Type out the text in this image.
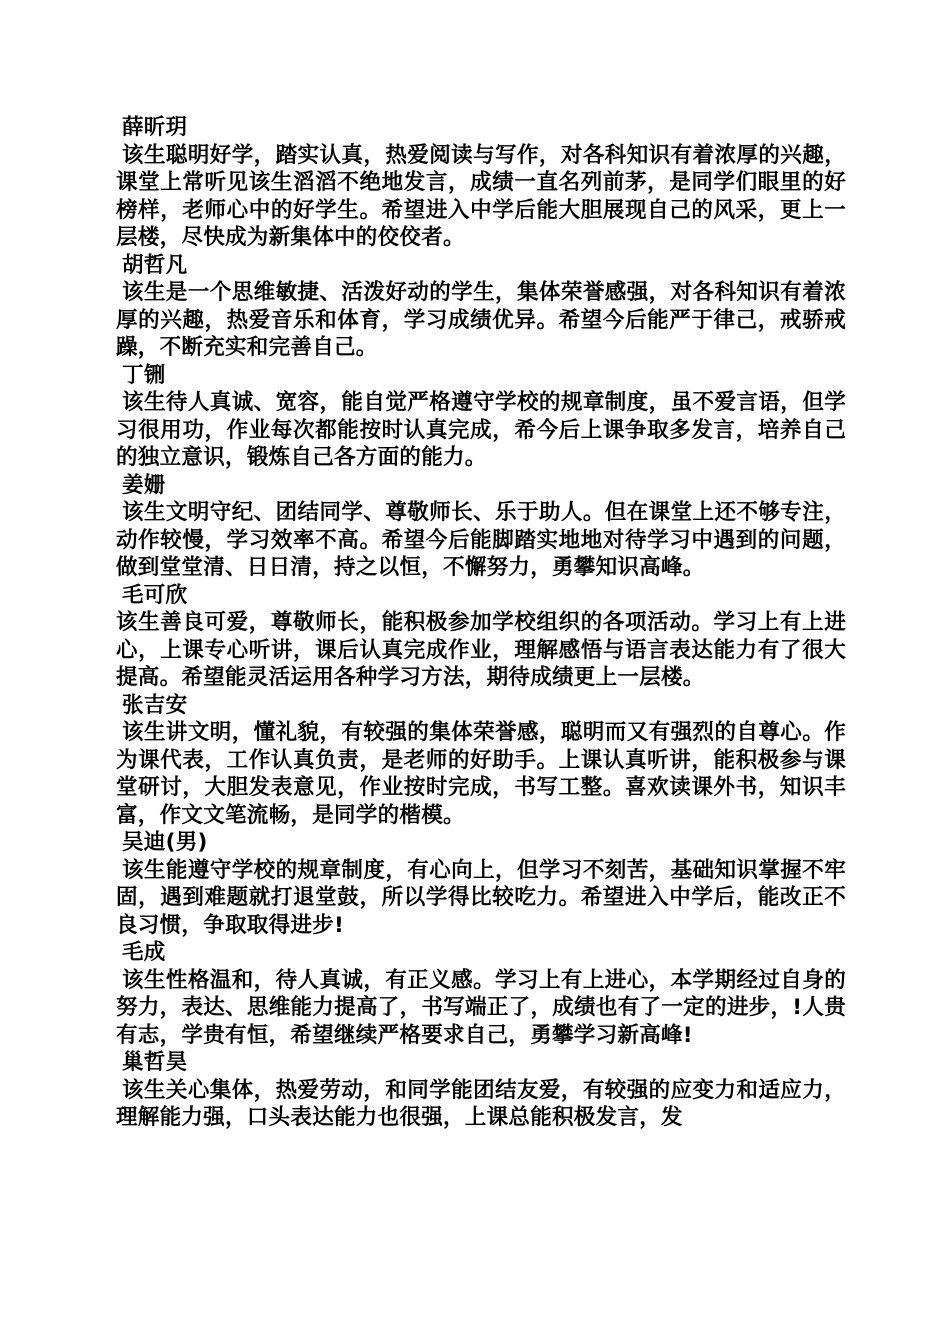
薛昕玥
该生聪明好学，踏实认真，热爱阅读与写作，对各科知识有着浓厚的兴趣，课堂上常听见该生滔滔不绝地发言，成绩一直名列前茅，是同学们眼里的好榜样，老师心中的好学生。希望进入中学后能大胆展现自己的风采，更上一层楼，尽快成为新集体中的佼佼者。
胡哲凡
该生是一个思维敏捷、活泼好动的学生，集体荣誉感强，对各科知识有着浓厚的兴趣，热爱音乐和体育，学习成绩优异。希望今后能严于律己，戒骄戒躁，不断充实和完善自己。
丁铏
该生待人真诚、宽容，能自觉严格遵守学校的规章制度，虽不爱言语，但学习很用功，作业每次都能按时认真完成，希今后上课争取多发言，培养自己的独立意识，锻炼自己各方面的能力。
姜姗
该生文明守纪、团结同学、尊敬师长、乐于助人。但在课堂上还不够专注，动作较慢，学习效率不高。希望今后能脚踏实地地对待学习中遇到的问题，做到堂堂清、日日清，持之以恒，不懈努力，勇攀知识高峰。
毛可欣
该生善良可爱，尊敬师长，能积极参加学校组织的各项活动。学习上有上进心，上课专心听讲，课后认真完成作业，理解感悟与语言表达能力有了很大提高。希望能灵活运用各种学习方法，期待成绩更上一层楼。
张吉安
该生讲文明，懂礼貌，有较强的集体荣誉感，聪明而又有强烈的自尊心。作为课代表，工作认真负责，是老师的好助手。上课认真听讲，能积极参与课堂研讨，大胆发表意见，作业按时完成，书写工整。喜欢读课外书，知识丰富，作文文笔流畅，是同学的楷模。
吴迪(男)
该生能遵守学校的规章制度，有心向上，但学习不刻苦，基础知识掌握不牢固，遇到难题就打退堂鼓，所以学得比较吃力。希望进入中学后，能改正不良习惯，争取取得进步!
毛成
该生性格温和，待人真诚，有正义感。学习上有上进心，本学期经过自身的努力，表达、思维能力提高了，书写端正了，成绩也有了一定的进步，!人贵有志，学贵有恒，希望继续严格要求自己，勇攀学习新高峰!
巢哲昊
该生关心集体，热爱劳动，和同学能团结友爱，有较强的应变力和适应力，理解能力强，口头表达能力也很强，上课总能积极发言，发
